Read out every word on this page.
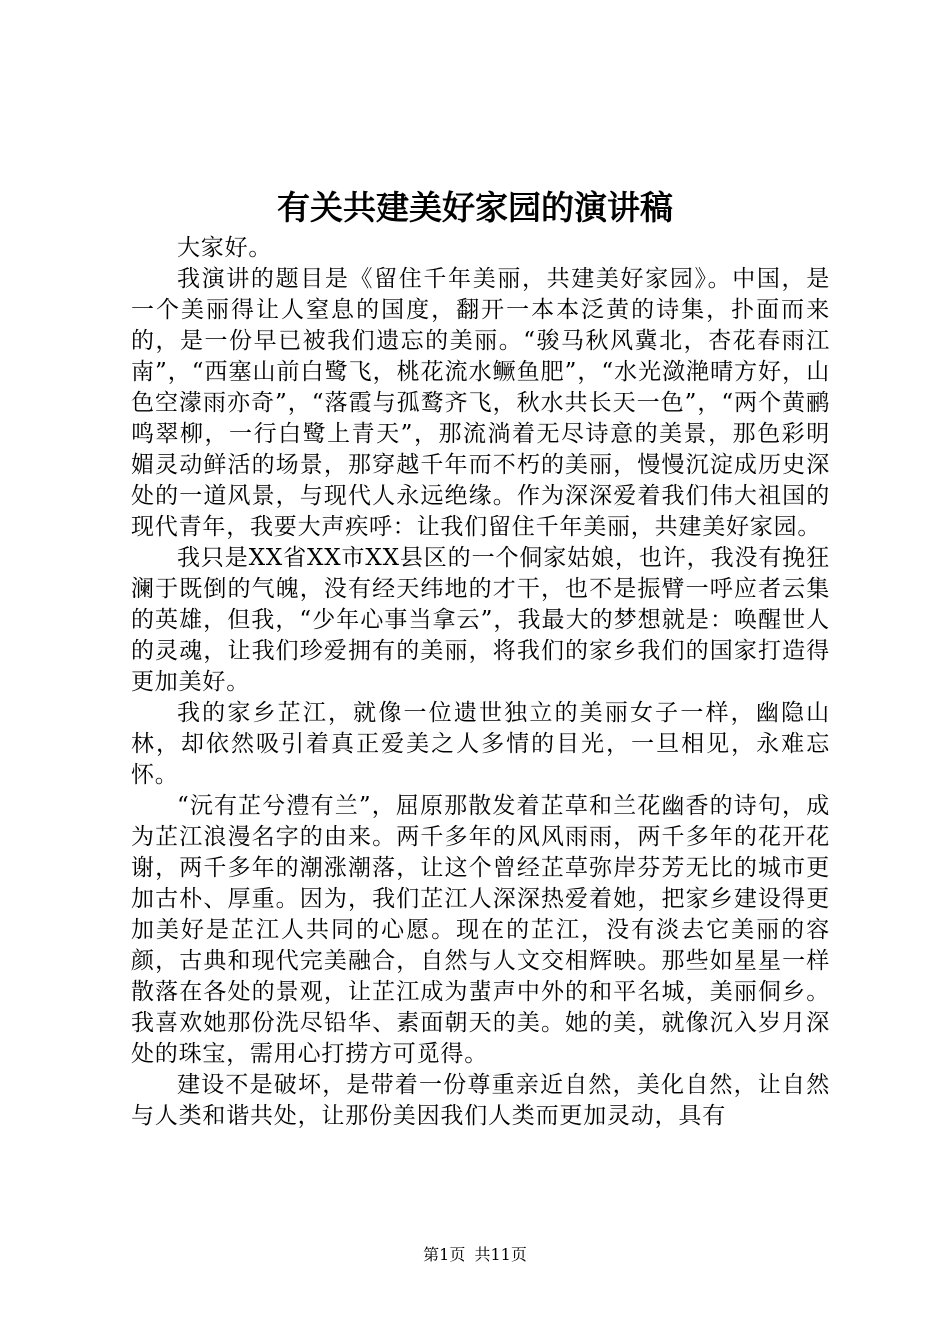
有关共建美好家园的演讲稿

大家好。

我演讲的题目是《留住千年美丽，共建美好家园》。中国，是一个美丽得让人窒息的国度，翻开一本本泛黄的诗集，扑面而来的，是一份早已被我们遗忘的美丽。“骏马秋风冀北，杏花春雨江南”，“西塞山前白鹭飞，桃花流水鳜鱼肥”，“水光潋滟晴方好，山色空濛雨亦奇”，“落霞与孤鹜齐飞，秋水共长天一色”，“两个黄鹂鸣翠柳，一行白鹭上青天”，那流淌着无尽诗意的美景，那色彩明媚灵动鲜活的场景，那穿越千年而不朽的美丽，慢慢沉淀成历史深处的一道风景，与现代人永远绝缘。作为深深爱着我们伟大祖国的现代青年，我要大声疾呼：让我们留住千年美丽，共建美好家园。

我只是XX省XX市XX县区的一个侗家姑娘，也许，我没有挽狂澜于既倒的气魄，没有经天纬地的才干，也不是振臂一呼应者云集的英雄，但我，“少年心事当拿云”，我最大的梦想就是：唤醒世人的灵魂，让我们珍爱拥有的美丽，将我们的家乡我们的国家打造得更加美好。

我的家乡芷江，就像一位遗世独立的美丽女子一样，幽隐山林，却依然吸引着真正爱美之人多情的目光，一旦相见，永难忘怀。

“沅有芷兮澧有兰”，屈原那散发着芷草和兰花幽香的诗句，成为芷江浪漫名字的由来。两千多年的风风雨雨，两千多年的花开花谢，两千多年的潮涨潮落，让这个曾经芷草弥岸芬芳无比的城市更加古朴、厚重。因为，我们芷江人深深热爱着她，把家乡建设得更加美好是芷江人共同的心愿。现在的芷江，没有淡去它美丽的容颜，古典和现代完美融合，自然与人文交相辉映。那些如星星一样散落在各处的景观，让芷江成为蜚声中外的和平名城，美丽侗乡。我喜欢她那份洗尽铅华、素面朝天的美。她的美，就像沉入岁月深处的珠宝，需用心打捞方可觅得。

建设不是破坏，是带着一份尊重亲近自然，美化自然，让自然与人类和谐共处，让那份美因我们人类而更加灵动，具有

第1页 共11页
